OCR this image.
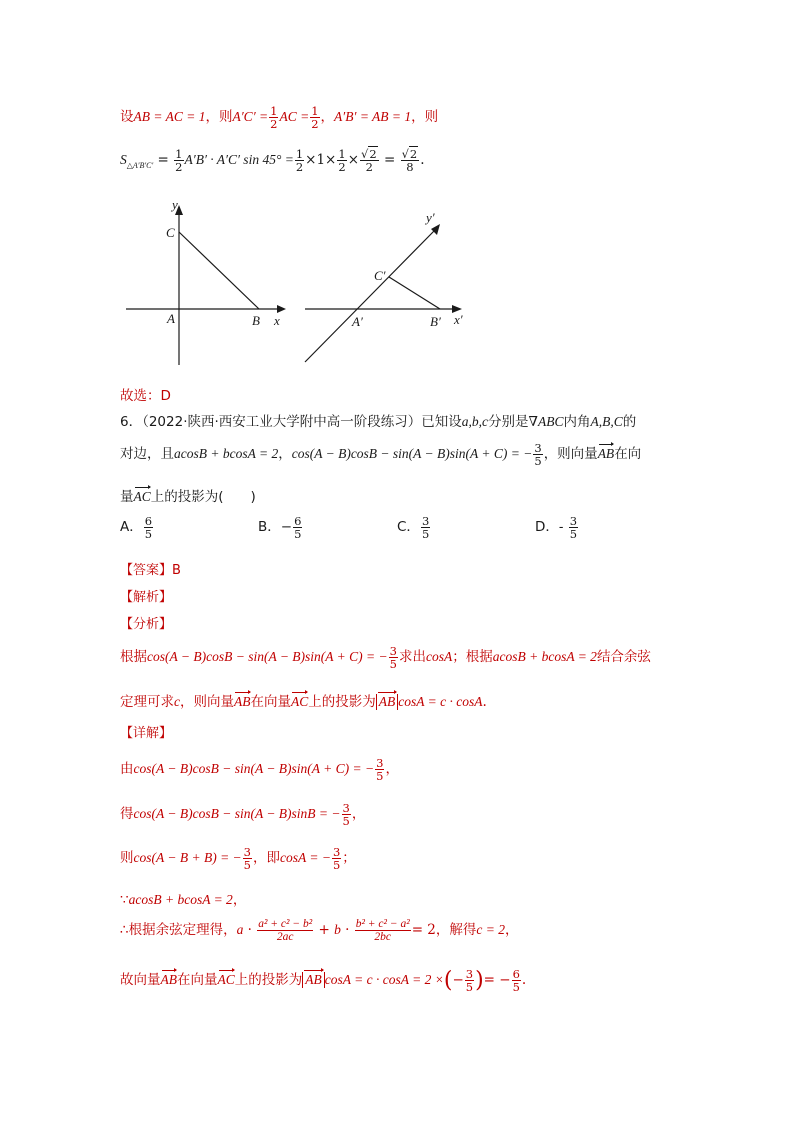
设AB = AC = 1，则$A'C' = \frac{1}{2}$ AC = $\frac{1}{2}$ ，A′B′ = AB = 1，则
$S_{\triangle A'B'C'} = \frac{1}{2} A'B' \cdot A'C'$ $\sin 45^\circ = \frac{1}{2} \times 1\times \frac{1}{2} \times \frac{√2}{2} = \frac{√2}{8}$ .
y
C
A	B x
y′
C′
A′	B′ x′
故选：D
6．（2022·陕西·西安工业大学附中高一阶段练习）已知设a,b,c分别是∇ABC内角A,B,C的
对边，且acosB + bcosA = 2，cos(A − B)cosB − sin(A − B)sin(A + C) = − $\frac{3}{5}$ ，则向量AB在向
量AC上的投影为(　　)
A． $\frac{6}{5}$	B．− $\frac{6}{5}$	C． $\frac{3}{5}$	D．- $\frac{3}{5}$
【答案】B
【解析】
【分析】
根据cos(A − B)cosB − sin(A − B)sin(A + C) = − $\frac{3}{5}$ 求出cosA；根据acosB + bcosA = 2结合余弦
定理可求c，则向量AB在向量AC上的投影为 AB cosA = c · cosA.
【详解】
由cos(A − B)cosB − sin(A − B)sin(A + C) = − $\frac{3}{5}$ ，
得cos(A − B)cosB − sin(A − B)sinB = − $\frac{3}{5}$ ，
则cos(A − B + B) = − $\frac{3}{5}$ ，即cosA = − $\frac{3}{5}$ ；
∵acosB + bcosA = 2，
∴根据余弦定理得，$a \cdot \frac{\text{a² + c² − b²}}{2ac} + b \cdot \frac{\text{b² + c² − a²}}{2bc} = 2$，解得c = 2，
故向量AB在向量AC上的投影为 AB cosA = c · cosA = 2 ×(− $\frac{3}{5}$ )= − $\frac{6}{5}$ .
